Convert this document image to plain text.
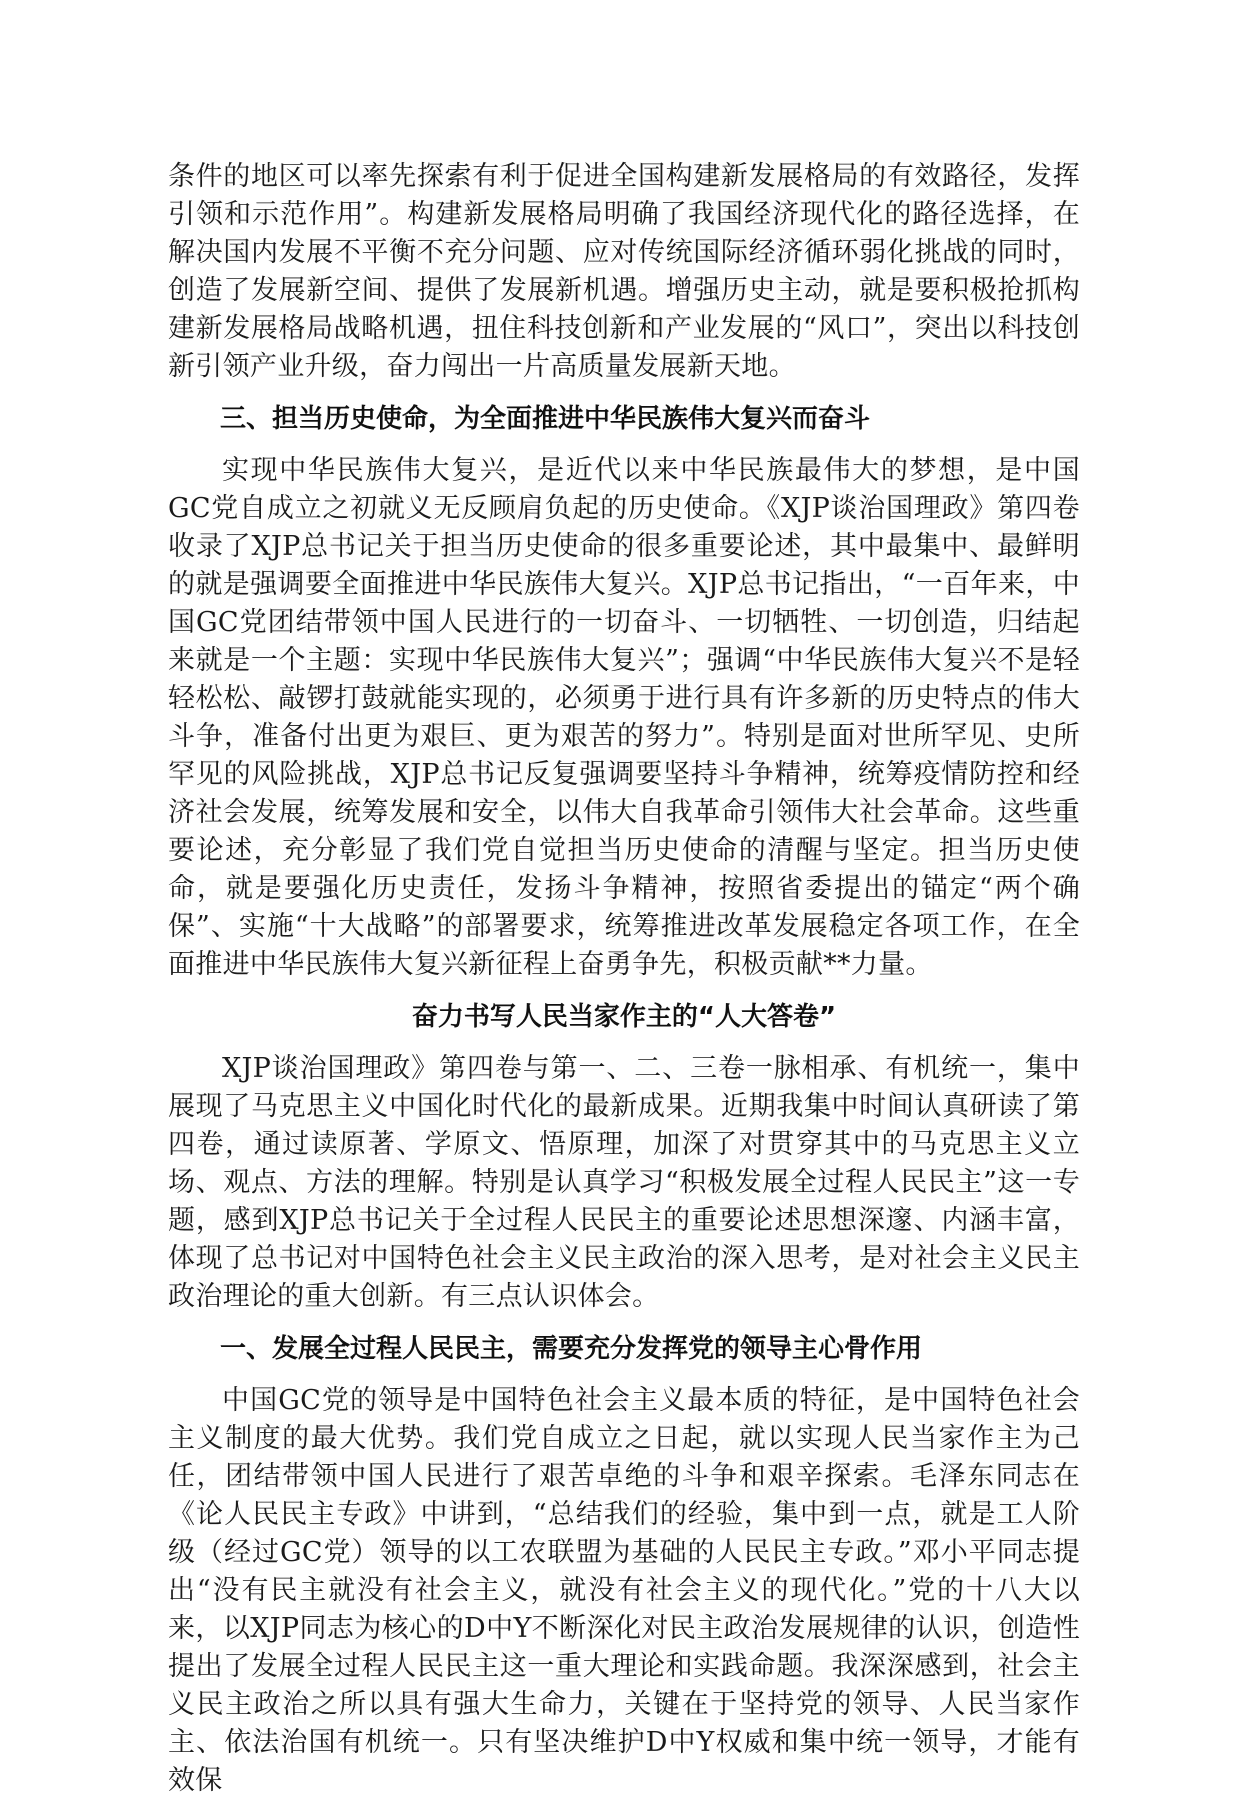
条件的地区可以率先探索有利于促进全国构建新发展格局的有效路径，发挥引领和示范作用”。构建新发展格局明确了我国经济现代化的路径选择，在解决国内发展不平衡不充分问题、应对传统国际经济循环弱化挑战的同时，创造了发展新空间、提供了发展新机遇。增强历史主动，就是要积极抢抓构建新发展格局战略机遇，扭住科技创新和产业发展的“风口”，突出以科技创新引领产业升级，奋力闯出一片高质量发展新天地。

三、担当历史使命，为全面推进中华民族伟大复兴而奋斗

实现中华民族伟大复兴，是近代以来中华民族最伟大的梦想，是中国GC党自成立之初就义无反顾肩负起的历史使命。《XJP谈治国理政》第四卷收录了XJP总书记关于担当历史使命的很多重要论述，其中最集中、最鲜明的就是强调要全面推进中华民族伟大复兴。XJP总书记指出，“一百年来，中国GC党团结带领中国人民进行的一切奋斗、一切牺牲、一切创造，归结起来就是一个主题：实现中华民族伟大复兴”；强调“中华民族伟大复兴不是轻轻松松、敲锣打鼓就能实现的，必须勇于进行具有许多新的历史特点的伟大斗争，准备付出更为艰巨、更为艰苦的努力”。特别是面对世所罕见、史所罕见的风险挑战，XJP总书记反复强调要坚持斗争精神，统筹疫情防控和经济社会发展，统筹发展和安全，以伟大自我革命引领伟大社会革命。这些重要论述，充分彰显了我们党自觉担当历史使命的清醒与坚定。担当历史使命，就是要强化历史责任，发扬斗争精神，按照省委提出的锚定“两个确保”、实施“十大战略”的部署要求，统筹推进改革发展稳定各项工作，在全面推进中华民族伟大复兴新征程上奋勇争先，积极贡献**力量。

奋力书写人民当家作主的“人大答卷”

XJP谈治国理政》第四卷与第一、二、三卷一脉相承、有机统一，集中展现了马克思主义中国化时代化的最新成果。近期我集中时间认真研读了第四卷，通过读原著、学原文、悟原理，加深了对贯穿其中的马克思主义立场、观点、方法的理解。特别是认真学习“积极发展全过程人民民主”这一专题，感到XJP总书记关于全过程人民民主的重要论述思想深邃、内涵丰富，体现了总书记对中国特色社会主义民主政治的深入思考，是对社会主义民主政治理论的重大创新。有三点认识体会。

一、发展全过程人民民主，需要充分发挥党的领导主心骨作用

中国GC党的领导是中国特色社会主义最本质的特征，是中国特色社会主义制度的最大优势。我们党自成立之日起，就以实现人民当家作主为己任，团结带领中国人民进行了艰苦卓绝的斗争和艰辛探索。毛泽东同志在《论人民民主专政》中讲到，“总结我们的经验，集中到一点，就是工人阶级（经过GC党）领导的以工农联盟为基础的人民民主专政。”邓小平同志提出“没有民主就没有社会主义，就没有社会主义的现代化。”党的十八大以来，以XJP同志为核心的D中Y不断深化对民主政治发展规律的认识，创造性提出了发展全过程人民民主这一重大理论和实践命题。我深深感到，社会主义民主政治之所以具有强大生命力，关键在于坚持党的领导、人民当家作主、依法治国有机统一。只有坚决维护D中Y权威和集中统一领导，才能有效保
